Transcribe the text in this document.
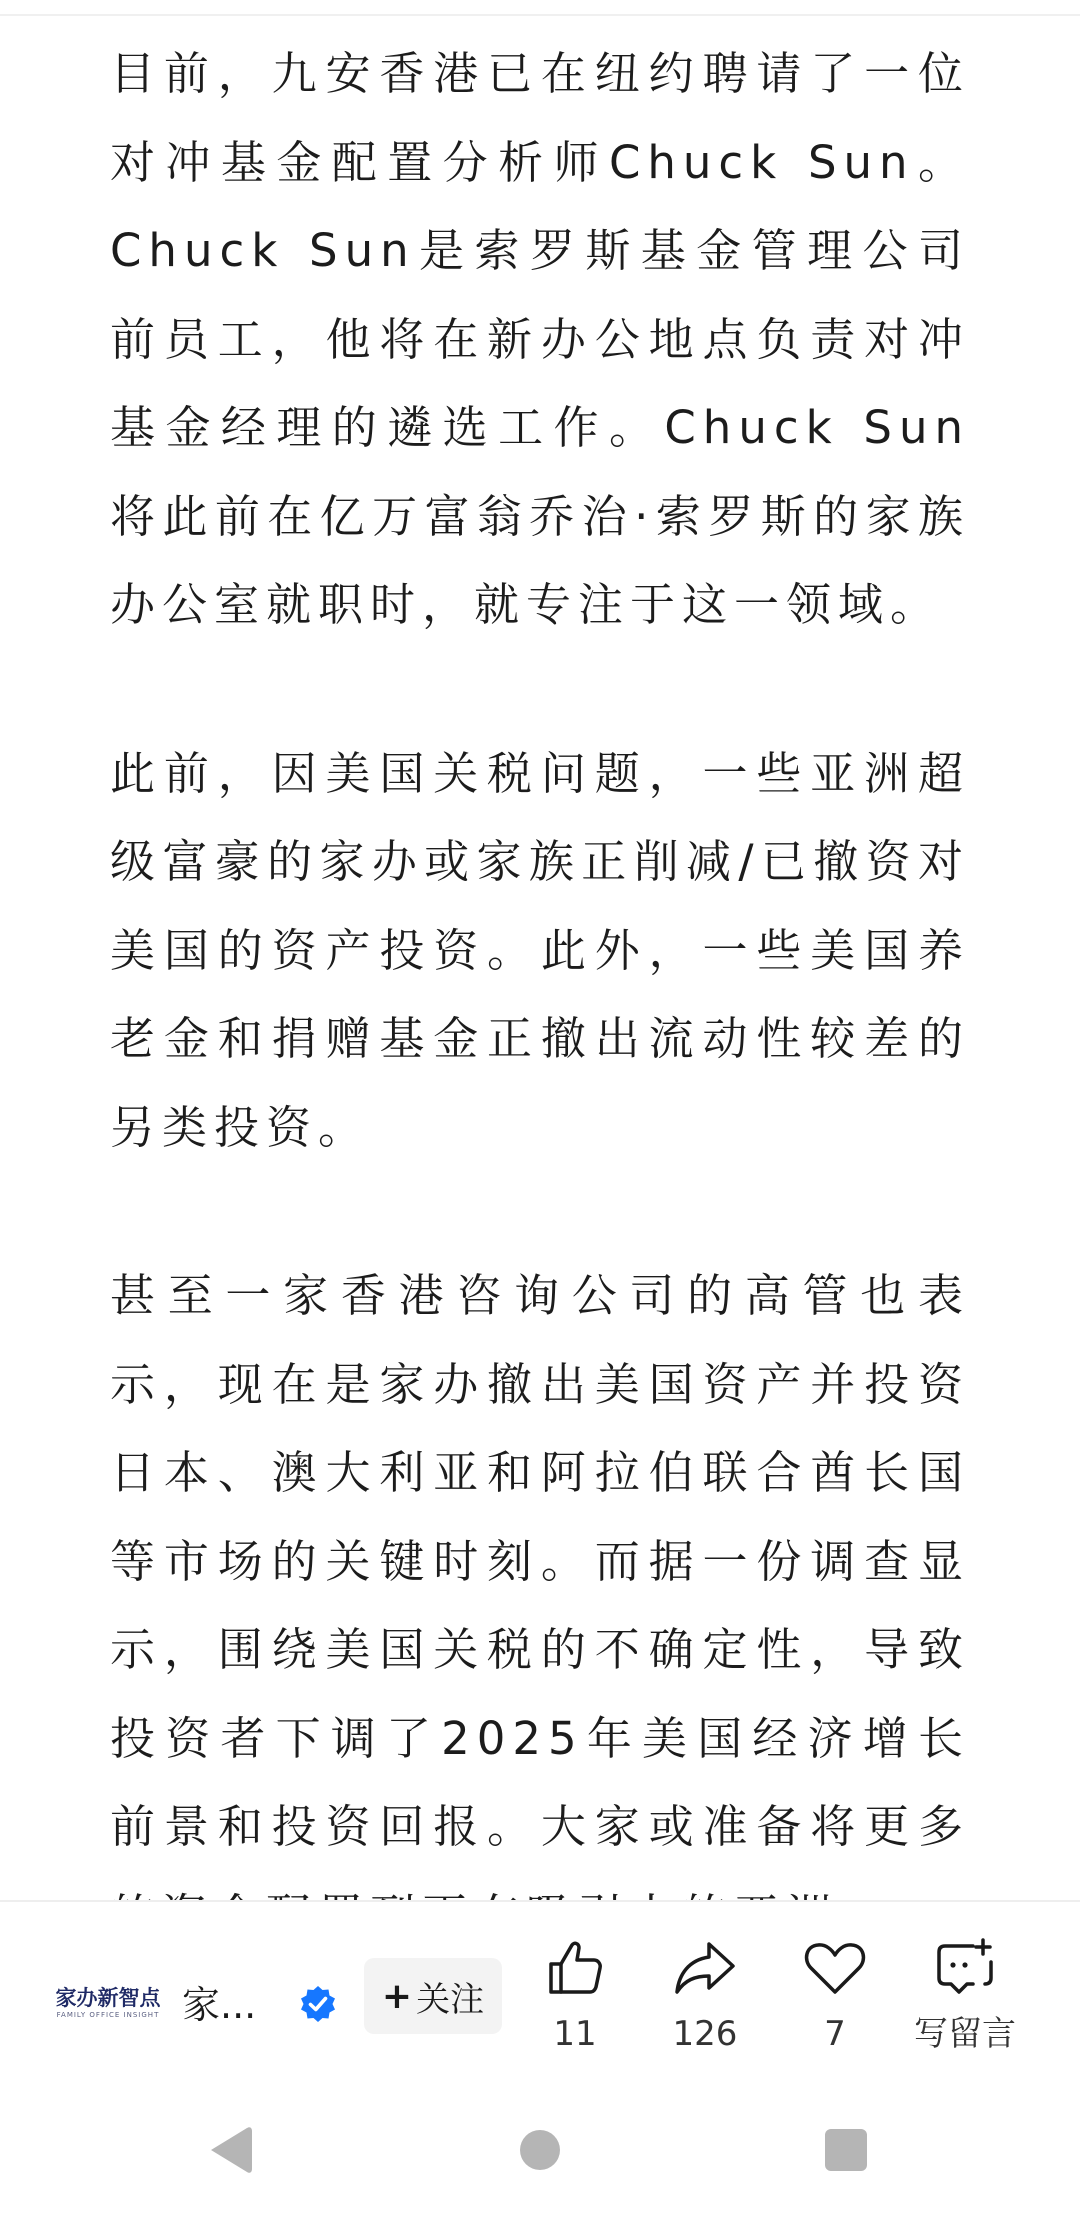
目前，九安香港已在纽约聘请了一位对冲基金配置分析师Chuck Sun。Chuck Sun是索罗斯基金管理公司前员工，他将在新办公地点负责对冲基金经理的遴选工作。Chuck Sun将此前在亿万富翁乔治·索罗斯的家族办公室就职时，就专注于这一领域。

此前，因美国关税问题，一些亚洲超级富豪的家办或家族正削减/已撤资对美国的资产投资。此外，一些美国养老金和捐赠基金正撤出流动性较差的另类投资。

甚至一家香港咨询公司的高管也表示，现在是家办撤出美国资产并投资日本、澳大利亚和阿拉伯联合酋长国等市场的关键时刻。而据一份调查显示，围绕美国关税的不确定性，导致投资者下调了2025年美国经济增长前景和投资回报。大家或准备将更多

家办新智点
FAMILY OFFICE INSIGHT 家...	+ 关注
11 126	7 写留言
